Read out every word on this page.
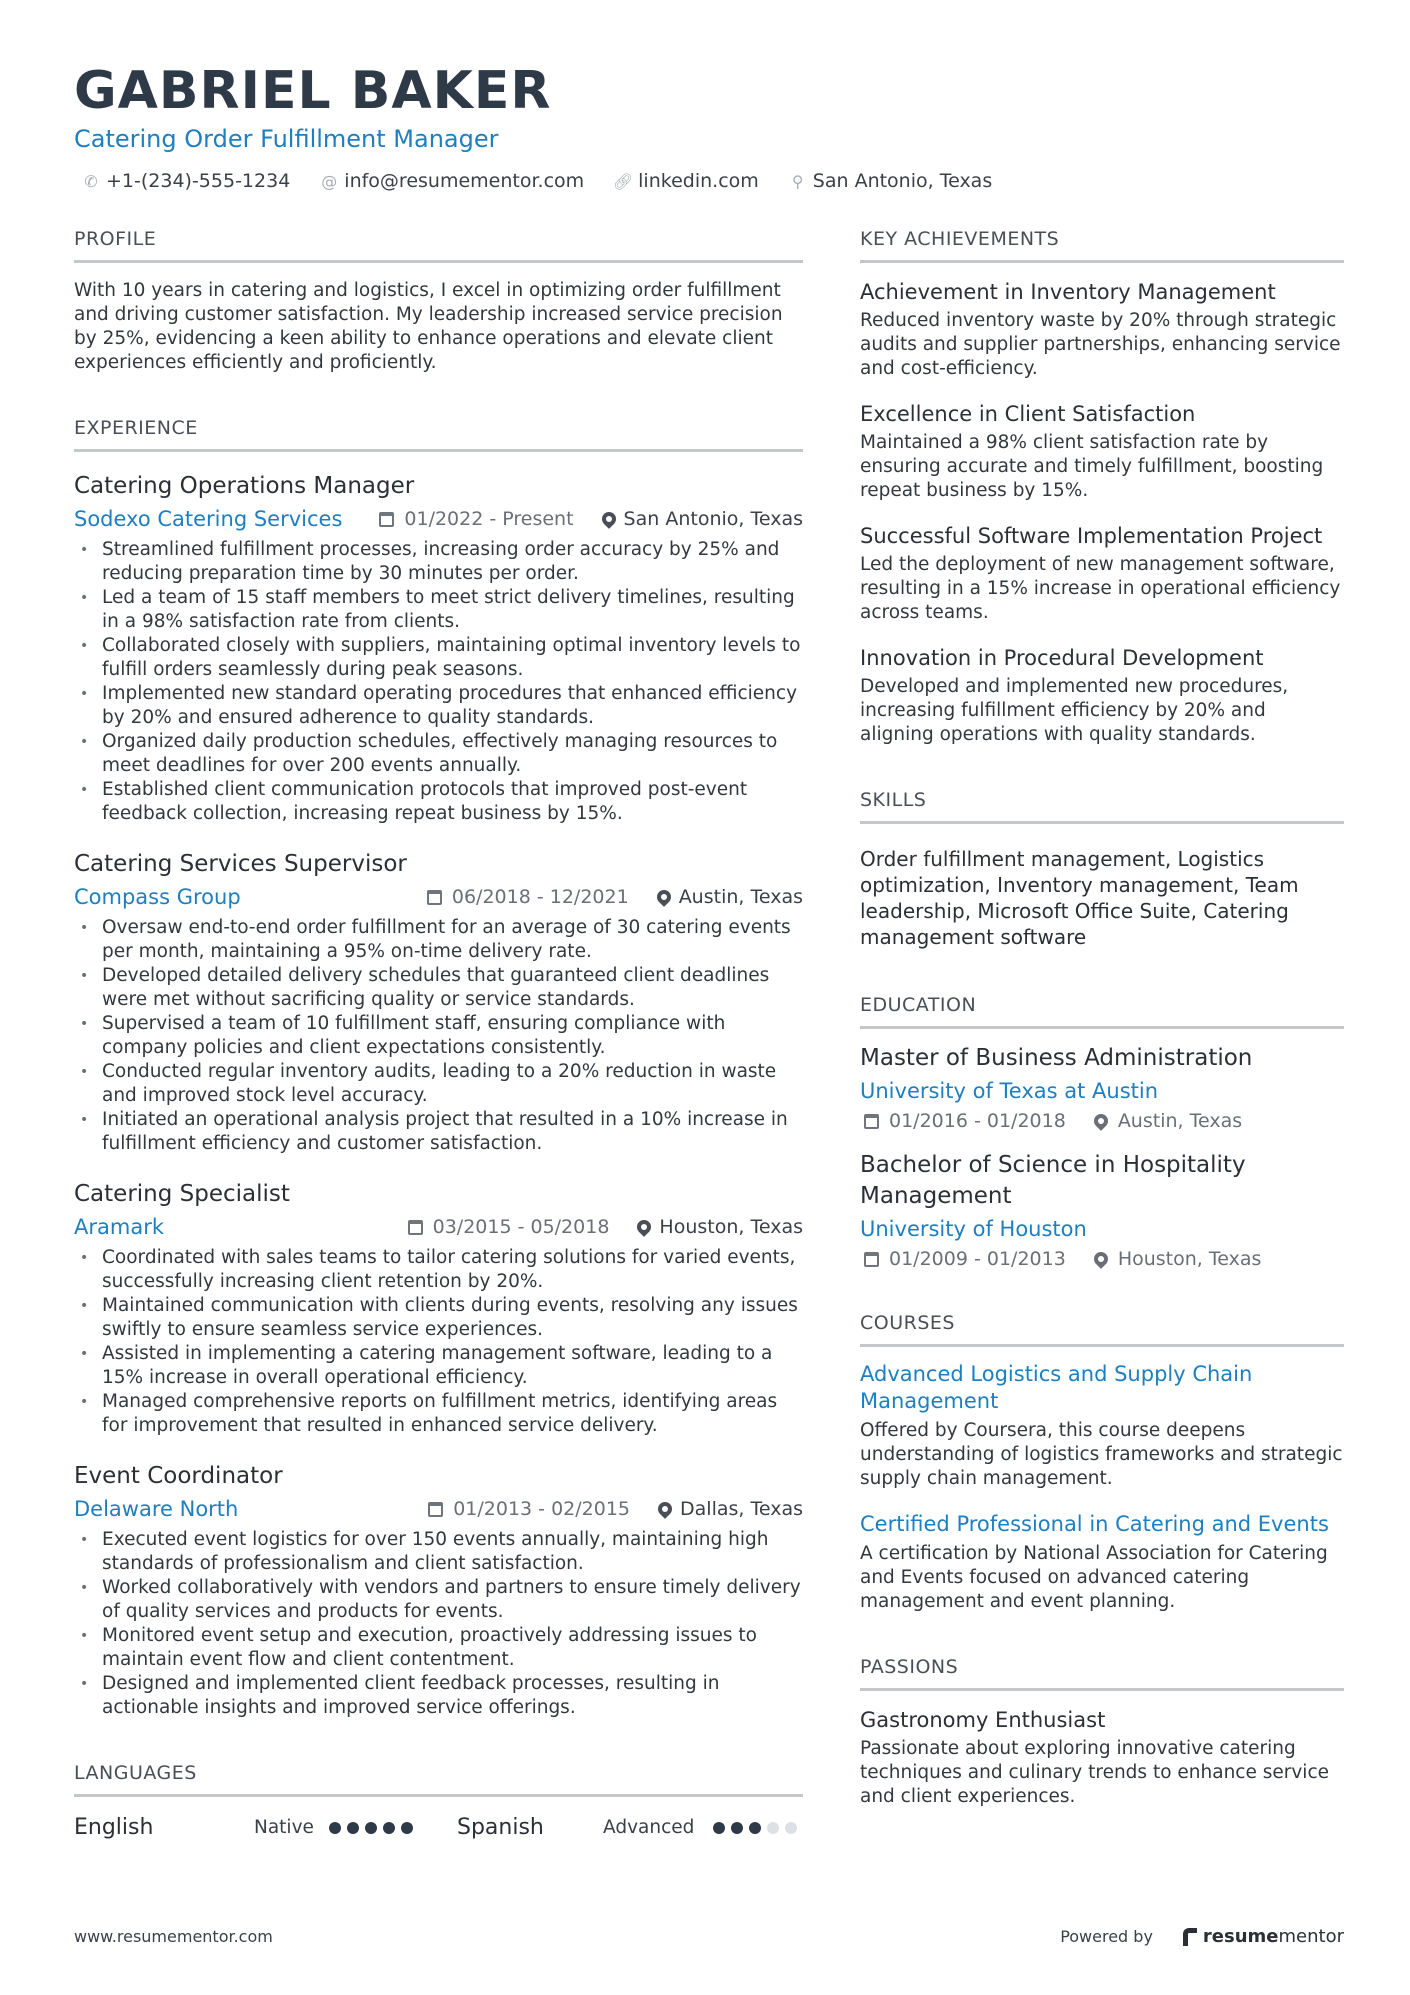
GABRIEL BAKER
Catering Order Fulfillment Manager
✆ +1-(234)-555-1234 @ info@resumementor.com 🔗︎ linkedin.com ⚲ San Antonio, Texas
PROFILE
With 10 years in catering and logistics, I excel in optimizing order fulfillment and driving customer satisfaction. My leadership increased service precision by 25%, evidencing a keen ability to enhance operations and elevate client experiences efficiently and proficiently.
EXPERIENCE
Catering Operations Manager
Sodexo Catering Services	01/2022 - Present	San Antonio, Texas
• Streamlined fulfillment processes, increasing order accuracy by 25% and reducing preparation time by 30 minutes per order.
• Led a team of 15 staff members to meet strict delivery timelines, resulting in a 98% satisfaction rate from clients.
• Collaborated closely with suppliers, maintaining optimal inventory levels to fulfill orders seamlessly during peak seasons.
• Implemented new standard operating procedures that enhanced efficiency by 20% and ensured adherence to quality standards.
• Organized daily production schedules, effectively managing resources to meet deadlines for over 200 events annually.
• Established client communication protocols that improved post-event feedback collection, increasing repeat business by 15%.
Catering Services Supervisor
Compass Group	06/2018 - 12/2021	Austin, Texas
• Oversaw end-to-end order fulfillment for an average of 30 catering events per month, maintaining a 95% on-time delivery rate.
• Developed detailed delivery schedules that guaranteed client deadlines were met without sacrificing quality or service standards.
• Supervised a team of 10 fulfillment staff, ensuring compliance with company policies and client expectations consistently.
• Conducted regular inventory audits, leading to a 20% reduction in waste and improved stock level accuracy.
• Initiated an operational analysis project that resulted in a 10% increase in fulfillment efficiency and customer satisfaction.
Catering Specialist
Aramark	03/2015 - 05/2018	Houston, Texas
• Coordinated with sales teams to tailor catering solutions for varied events, successfully increasing client retention by 20%.
• Maintained communication with clients during events, resolving any issues swiftly to ensure seamless service experiences.
• Assisted in implementing a catering management software, leading to a 15% increase in overall operational efficiency.
• Managed comprehensive reports on fulfillment metrics, identifying areas for improvement that resulted in enhanced service delivery.
Event Coordinator
Delaware North	01/2013 - 02/2015	Dallas, Texas
• Executed event logistics for over 150 events annually, maintaining high standards of professionalism and client satisfaction.
• Worked collaboratively with vendors and partners to ensure timely delivery of quality services and products for events.
• Monitored event setup and execution, proactively addressing issues to maintain event flow and client contentment.
• Designed and implemented client feedback processes, resulting in actionable insights and improved service offerings.
LANGUAGES
English	Native	Spanish	Advanced
KEY ACHIEVEMENTS
Achievement in Inventory Management
Reduced inventory waste by 20% through strategic audits and supplier partnerships, enhancing service and cost-efficiency.
Excellence in Client Satisfaction
Maintained a 98% client satisfaction rate by ensuring accurate and timely fulfillment, boosting repeat business by 15%.
Successful Software Implementation Project
Led the deployment of new management software, resulting in a 15% increase in operational efficiency across teams.
Innovation in Procedural Development
Developed and implemented new procedures, increasing fulfillment efficiency by 20% and aligning operations with quality standards.
SKILLS
Order fulfillment management, Logistics optimization, Inventory management, Team leadership, Microsoft Office Suite, Catering management software
EDUCATION
Master of Business Administration
University of Texas at Austin
01/2016 - 01/2018	Austin, Texas
Bachelor of Science in Hospitality Management
University of Houston
01/2009 - 01/2013	Houston, Texas
COURSES
Advanced Logistics and Supply Chain Management
Offered by Coursera, this course deepens understanding of logistics frameworks and strategic supply chain management.
Certified Professional in Catering and Events
A certification by National Association for Catering and Events focused on advanced catering management and event planning.
PASSIONS
Gastronomy Enthusiast
Passionate about exploring innovative catering techniques and culinary trends to enhance service and client experiences.
www.resumementor.com	Powered by	resume mentor
